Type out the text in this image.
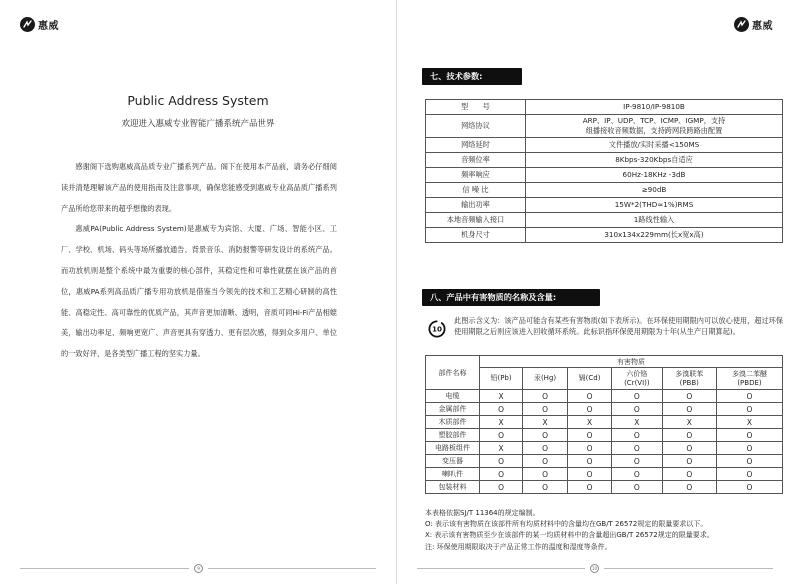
惠威
Public Address System
欢迎进入惠威专业智能广播系统产品世界

感谢阁下选购惠威高品质专业广播系列产品。阁下在使用本产品前，请务必仔细阅读并清楚理解该产品的使用指南及注意事项，确保您能感受到惠威专业高品质广播系列产品所给您带来的超乎想像的表现。

惠威PA(Public Address System)是惠威专为宾馆、大厦、广场、智能小区、工厂、学校、机场、码头等场所播放通告、背景音乐、消防报警等研发设计的系统产品。而功放机则是整个系统中最为重要的核心部件，其稳定性和可靠性就摆在该产品的首位，惠威PA系列高品质广播专用功放机是借鉴当今领先的技术和工艺精心研制的高性能、高稳定性、高可靠性的优质产品，其声音更加清晰、透明，音质可同Hi-Fi产品相媲美，输出功率足、频响更宽广、声音更具有穿透力、更有层次感，得到众多用户、单位的一致好评，是各类型广播工程的坚实力量。

9
惠威
七、技术参数:
型　　号	IP-9810/IP-9810B
网络协议	ARP、IP、UDP、TCP、ICMP、IGMP，支持
组播接收音频数据，支持跨网段跨路由配置
网络延时	文件播放/实时采播<150MS
音频位率	8Kbps-320Kbps自适应
频率响应	60Hz-18KHz -3dB
信 噪 比	≥90dB
输出功率	15W*2(THD≈1%)RMS
本地音频输入接口	1路线性输入
机身尺寸	310x134x229mm(长x宽x高)
八、产品中有害物质的名称及含量:
10
此图示含义为：该产品可能含有某些有害物质(如下表所示)。在环保使用期限内可以放心使用，超过环保使用期限之后则应该进入回收循环系统。此标识指环保使用期限为十年(从生产日期算起)。
部件名称	有害物质					
	铅(Pb)	汞(Hg)	镉(Cd)	六价铬
(Cr(VI))	多溴联苯
(PBB)	多溴二苯醚
(PBDE)
电缆	X	O	O	O	O	O
金属部件	O	O	O	O	O	O
木质部件	X	X	X	X	X	X
塑胶部件	O	O	O	O	O	O
电路板组件	X	O	O	O	O	O
变压器	O	O	O	O	O	O
喇叭件	O	O	O	O	O	O
包装材料	O	O	O	O	O	O
本表格依据SJ/T 11364的规定编制。
O: 表示该有害物质在该部件所有均质材料中的含量均在GB/T 26572规定的限量要求以下。
X: 表示该有害物质至少在该部件的某一均质材料中的含量超出GB/T 26572规定的限量要求。
注: 环保使用期限取决于产品正常工作的温度和湿度等条件。
10
